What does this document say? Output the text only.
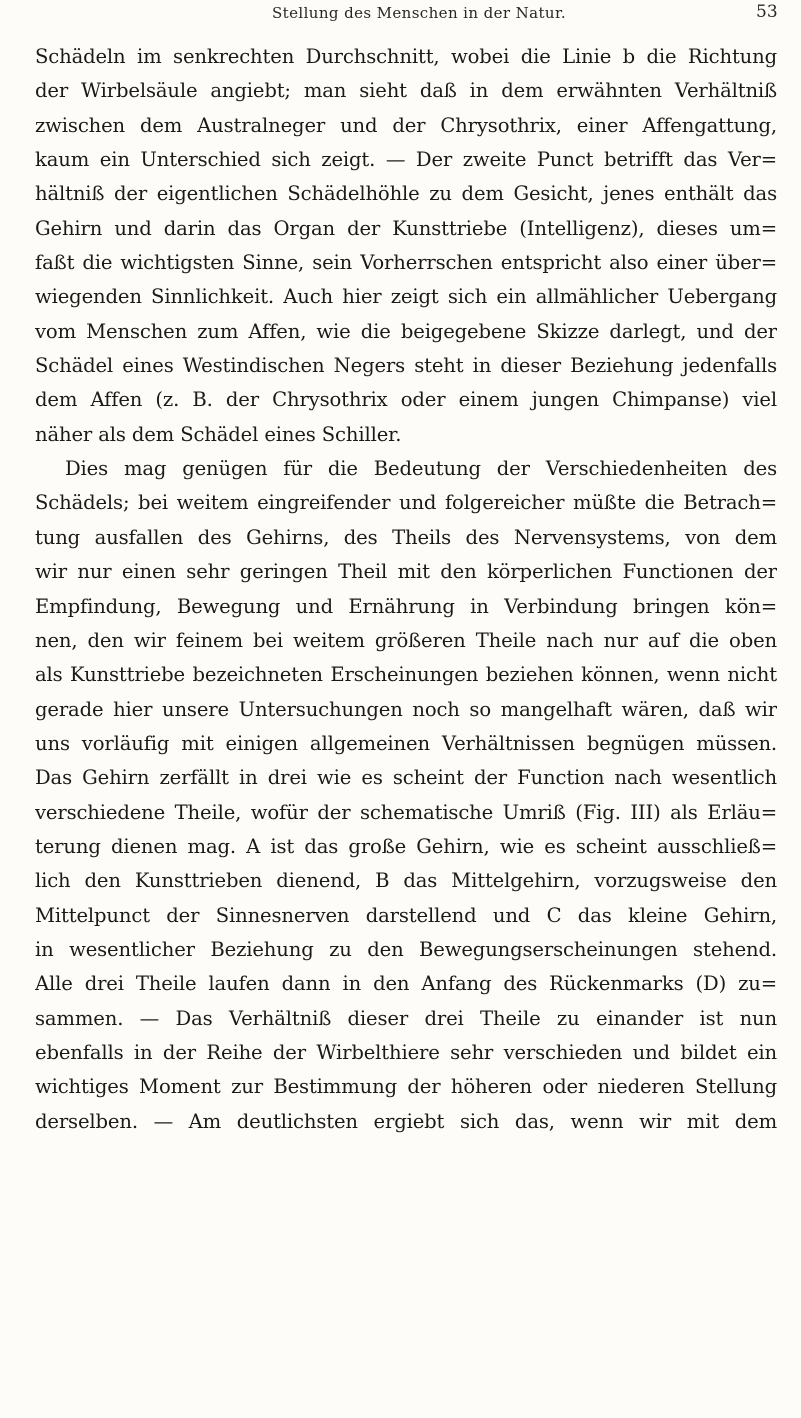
Stellung des Menschen in der Natur.	53
Schädeln im senkrechten Durchschnitt, wobei die Linie b die Richtung
der Wirbelsäule angiebt; man sieht daß in dem erwähnten Verhältniß
zwischen dem Australneger und der Chrysothrix, einer Affengattung,
kaum ein Unterschied sich zeigt. — Der zweite Punct betrifft das Ver=
hältniß der eigentlichen Schädelhöhle zu dem Gesicht, jenes enthält das
Gehirn und darin das Organ der Kunsttriebe (Intelligenz), dieses um=
faßt die wichtigsten Sinne, sein Vorherrschen entspricht also einer über=
wiegenden Sinnlichkeit. Auch hier zeigt sich ein allmählicher Uebergang
vom Menschen zum Affen, wie die beigegebene Skizze darlegt, und der
Schädel eines Westindischen Negers steht in dieser Beziehung jedenfalls
dem Affen (z. B. der Chrysothrix oder einem jungen Chimpanse) viel
näher als dem Schädel eines Schiller.
Dies mag genügen für die Bedeutung der Verschiedenheiten des
Schädels; bei weitem eingreifender und folgereicher müßte die Betrach=
tung ausfallen des Gehirns, des Theils des Nervensystems, von dem
wir nur einen sehr geringen Theil mit den körperlichen Functionen der
Empfindung, Bewegung und Ernährung in Verbindung bringen kön=
nen, den wir feinem bei weitem größeren Theile nach nur auf die oben
als Kunsttriebe bezeichneten Erscheinungen beziehen können, wenn nicht
gerade hier unsere Untersuchungen noch so mangelhaft wären, daß wir
uns vorläufig mit einigen allgemeinen Verhältnissen begnügen müssen.
Das Gehirn zerfällt in drei wie es scheint der Function nach wesentlich
verschiedene Theile, wofür der schematische Umriß (Fig. III) als Erläu=
terung dienen mag. A ist das große Gehirn, wie es scheint ausschließ=
lich den Kunsttrieben dienend, B das Mittelgehirn, vorzugsweise den
Mittelpunct der Sinnesnerven darstellend und C das kleine Gehirn,
in wesentlicher Beziehung zu den Bewegungserscheinungen stehend.
Alle drei Theile laufen dann in den Anfang des Rückenmarks (D) zu=
sammen. — Das Verhältniß dieser drei Theile zu einander ist nun
ebenfalls in der Reihe der Wirbelthiere sehr verschieden und bildet ein
wichtiges Moment zur Bestimmung der höheren oder niederen Stellung
derselben. — Am deutlichsten ergiebt sich das, wenn wir mit dem
